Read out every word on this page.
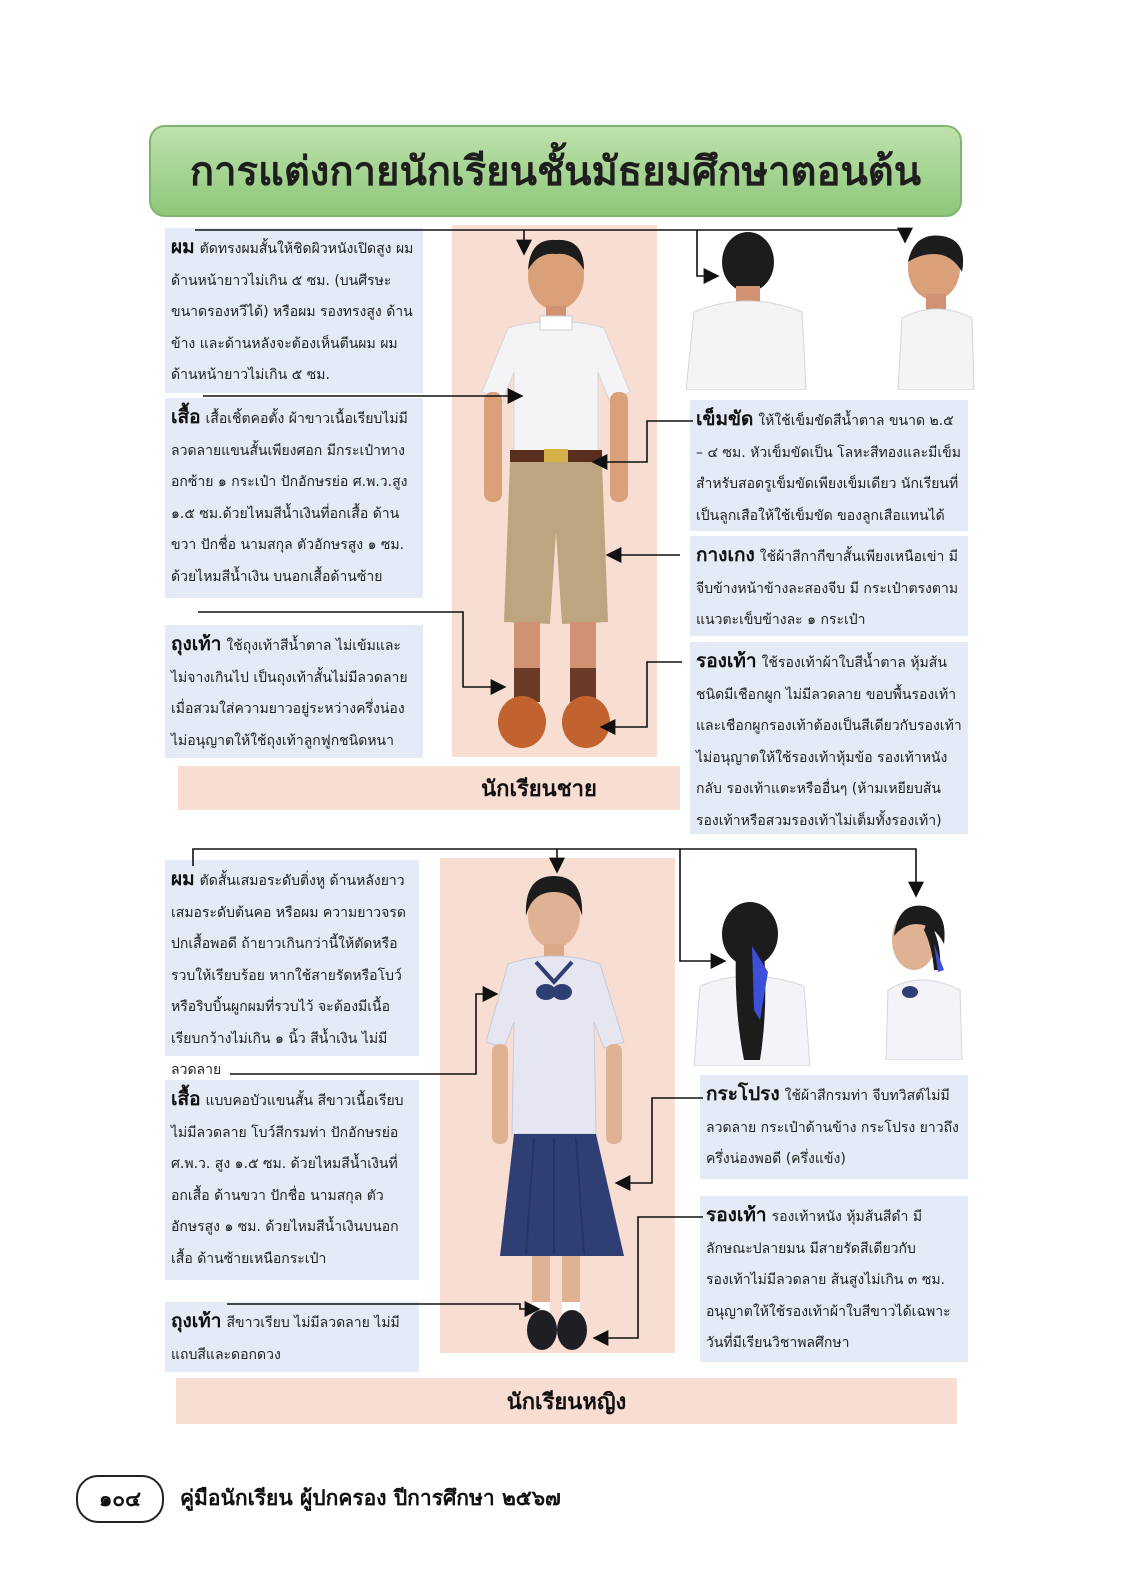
การแต่งกายนักเรียนชั้นมัธยมศึกษาตอนต้น
ผม ตัดทรงผมสั้นให้ชิดผิวหนังเปิดสูง ผมด้านหน้ายาวไม่เกิน ๕ ซม. (บนศีรษะขนาดรองหวีได้) หรือผม รองทรงสูง ด้านข้าง และด้านหลังจะต้องเห็นตีนผม ผมด้านหน้ายาวไม่เกิน ๕ ซม.
เสื้อ เสื้อเชิ้ตคอตั้ง ผ้าขาวเนื้อเรียบไม่มีลวดลายแขนสั้นเพียงศอก มีกระเป๋าทางอกซ้าย ๑ กระเป๋า ปักอักษรย่อ ศ.พ.ว.สูง ๑.๕ ซม.ด้วยไหมสีน้ำเงินที่อกเสื้อ ด้านขวา ปักชื่อ นามสกุล ตัวอักษรสูง ๑ ซม. ด้วยไหมสีน้ำเงิน บนอกเสื้อด้านซ้าย
ถุงเท้า ใช้ถุงเท้าสีน้ำตาล ไม่เข้มและไม่จางเกินไป เป็นถุงเท้าสั้นไม่มีลวดลาย เมื่อสวมใส่ความยาวอยู่ระหว่างครึ่งน่อง ไม่อนุญาตให้ใช้ถุงเท้าลูกฟูกชนิดหนา
เข็มขัด ให้ใช้เข็มขัดสีน้ำตาล ขนาด ๒.๕ – ๔ ซม. หัวเข็มขัดเป็น โลหะสีทองและมีเข็มสำหรับสอดรูเข็มขัดเพียงเข็มเดียว นักเรียนที่เป็นลูกเสือให้ใช้เข็มขัด ของลูกเสือแทนได้
กางเกง ใช้ผ้าสีกากีขาสั้นเพียงเหนือเข่า มีจีบข้างหน้าข้างละสองจีบ มี กระเป๋าตรงตามแนวตะเข็บข้างละ ๑ กระเป๋า
รองเท้า ใช้รองเท้าผ้าใบสีน้ำตาล หุ้มส้นชนิดมีเชือกผูก ไม่มีลวดลาย ขอบพื้นรองเท้าและเชือกผูกรองเท้าต้องเป็นสีเดียวกับรองเท้า ไม่อนุญาตให้ใช้รองเท้าหุ้มข้อ รองเท้าหนังกลับ รองเท้าแตะหรืออื่นๆ (ห้ามเหยียบส้นรองเท้าหรือสวมรองเท้าไม่เต็มทั้งรองเท้า)
นักเรียนชาย
ผม ตัดสั้นเสมอระดับติ่งหู ด้านหลังยาวเสมอระดับต้นคอ หรือผม ความยาวจรดปกเสื้อพอดี ถ้ายาวเกินกว่านี้ให้ตัดหรือรวบให้เรียบร้อย หากใช้สายรัดหรือโบว์หรือริบบิ้นผูกผมที่รวบไว้ จะต้องมีเนื้อเรียบกว้างไม่เกิน ๑ นิ้ว สีน้ำเงิน ไม่มีลวดลาย
เสื้อ แบบคอบัวแขนสั้น สีขาวเนื้อเรียบไม่มีลวดลาย โบว์สีกรมท่า ปักอักษรย่อ ศ.พ.ว. สูง ๑.๕ ซม. ด้วยไหมสีน้ำเงินที่อกเสื้อ ด้านขวา ปักชื่อ นามสกุล ตัวอักษรสูง ๑ ซม. ด้วยไหมสีน้ำเงินบนอกเสื้อ ด้านซ้ายเหนือกระเป๋า
ถุงเท้า สีขาวเรียบ ไม่มีลวดลาย ไม่มีแถบสีและดอกดวง
กระโปรง ใช้ผ้าสีกรมท่า จีบทวิสต์ไม่มีลวดลาย กระเป๋าด้านข้าง กระโปรง ยาวถึงครึ่งน่องพอดี (ครึ่งแข้ง)
รองเท้า รองเท้าหนัง หุ้มส้นสีดำ มีลักษณะปลายมน มีสายรัดสีเดียวกับ รองเท้าไม่มีลวดลาย ส้นสูงไม่เกิน ๓ ซม. อนุญาตให้ใช้รองเท้าผ้าใบสีขาวได้เฉพาะ วันที่มีเรียนวิชาพลศึกษา
นักเรียนหญิง
๑๐๔ คู่มือนักเรียน ผู้ปกครอง ปีการศึกษา ๒๕๖๗
